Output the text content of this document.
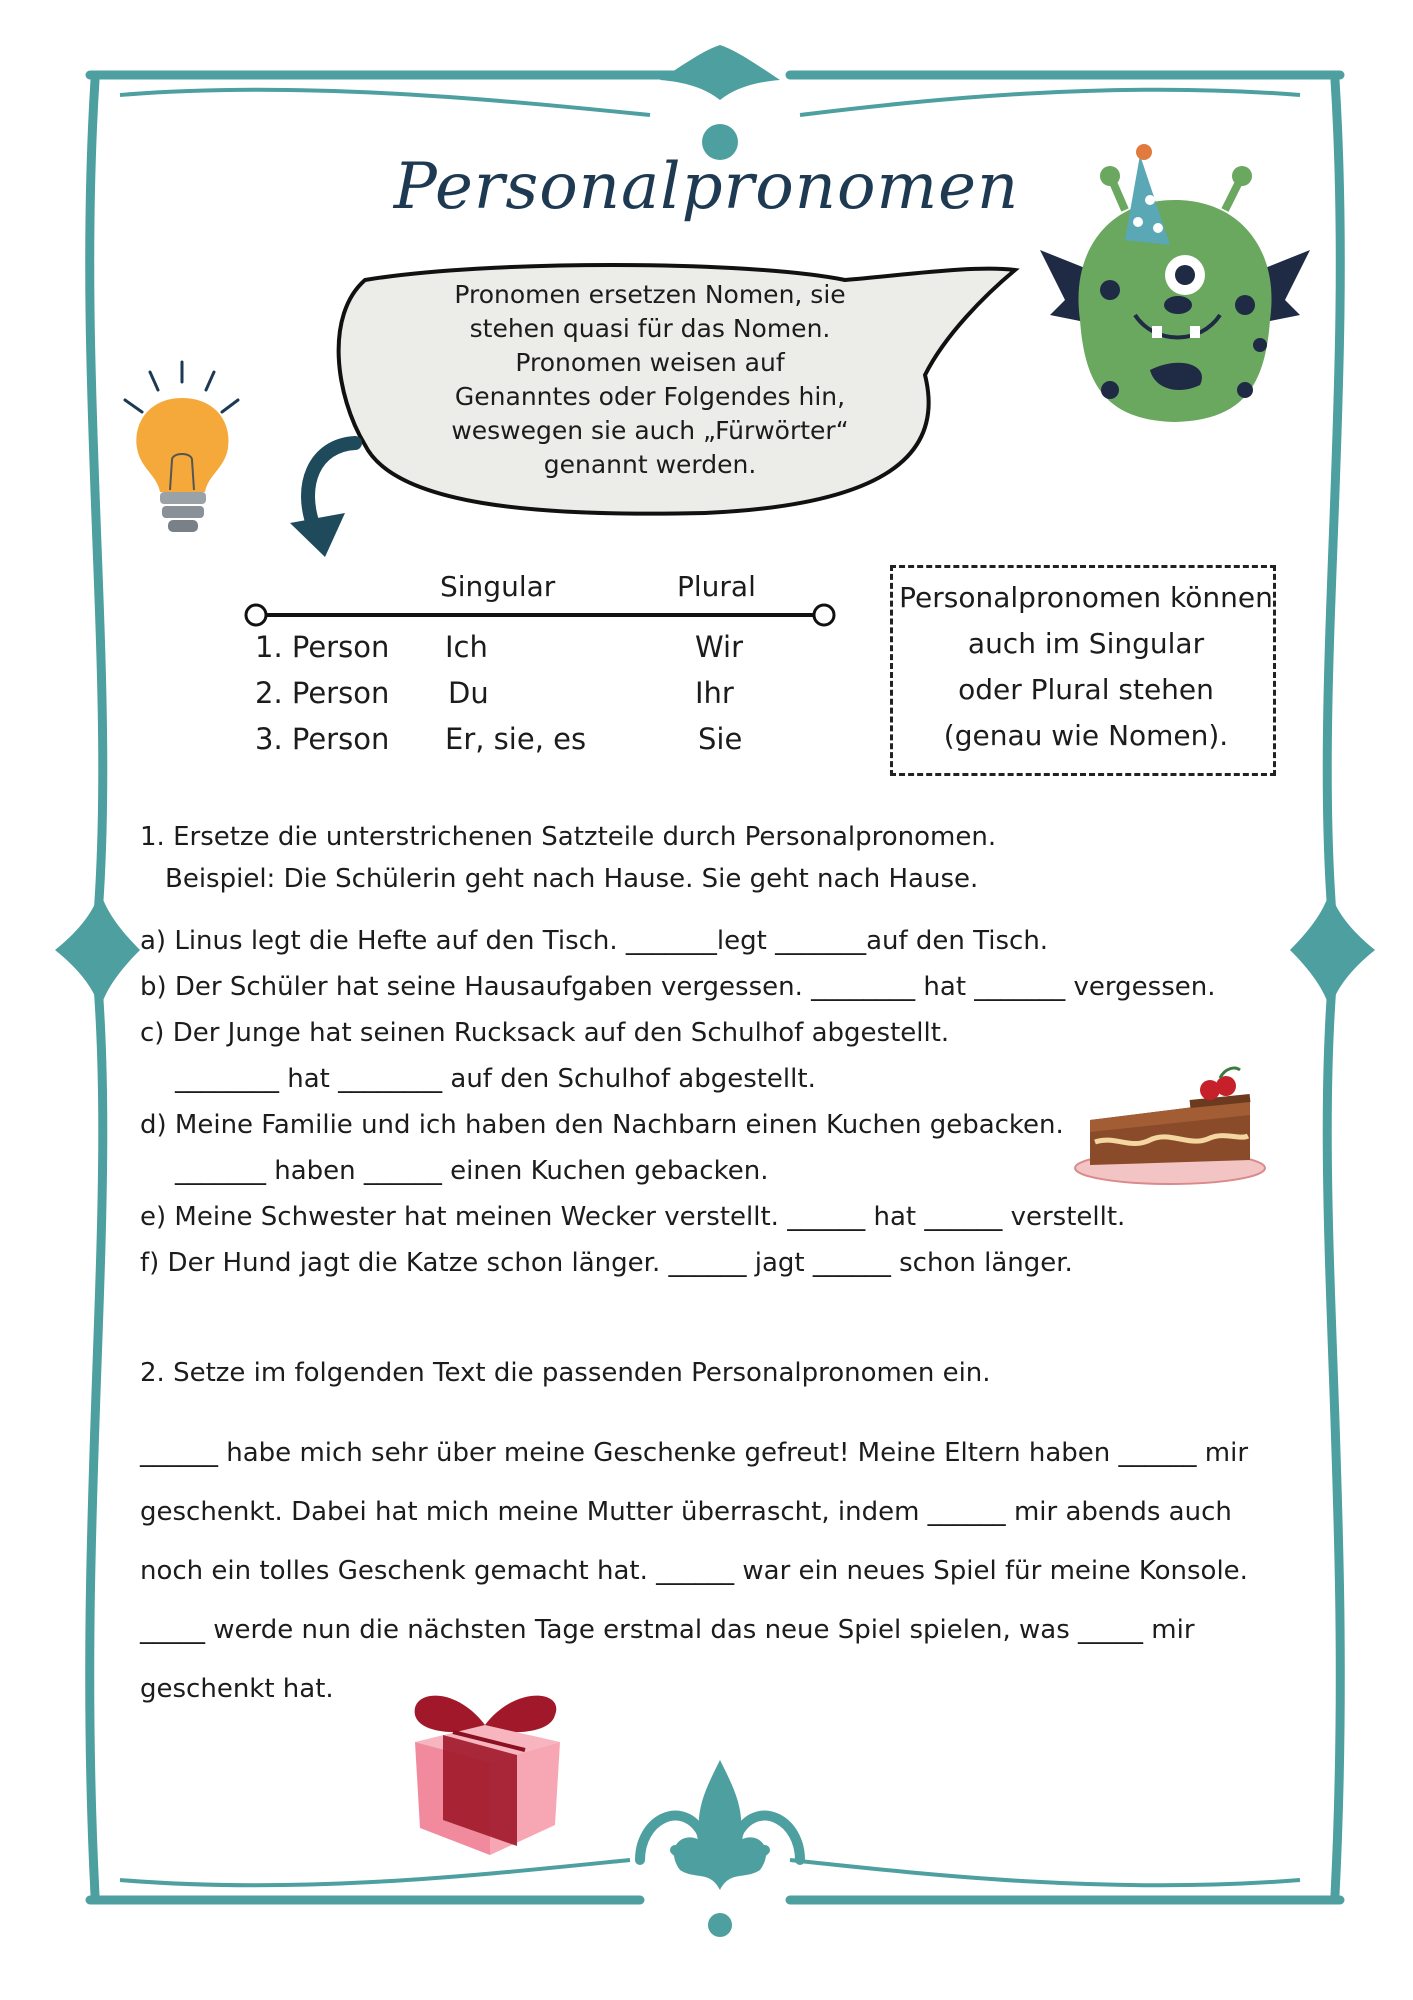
Personalpronomen
Pronomen ersetzen Nomen, sie
stehen quasi für das Nomen.
Pronomen weisen auf
Genanntes oder Folgendes hin,
weswegen sie auch „Fürwörter“
genannt werden.
Singular	Plural
1. Person Ich	Wir
2. Person Du	Ihr
3. Person Er, sie, es	Sie
Personalpronomen können
auch im Singular
oder Plural stehen
(genau wie Nomen).
1. Ersetze die unterstrichenen Satzteile durch Personalpronomen.
Beispiel: Die Schülerin geht nach Hause. Sie geht nach Hause.
a) Linus legt die Hefte auf den Tisch. _______legt _______auf den Tisch.
b) Der Schüler hat seine Hausaufgaben vergessen. ________ hat _______ vergessen.
c) Der Junge hat seinen Rucksack auf den Schulhof abgestellt.
________ hat ________ auf den Schulhof abgestellt.
d) Meine Familie und ich haben den Nachbarn einen Kuchen gebacken.
_______ haben ______ einen Kuchen gebacken.
e) Meine Schwester hat meinen Wecker verstellt. ______ hat ______ verstellt.
f) Der Hund jagt die Katze schon länger. ______ jagt ______ schon länger.
2. Setze im folgenden Text die passenden Personalpronomen ein.
______ habe mich sehr über meine Geschenke gefreut! Meine Eltern haben ______ mir
geschenkt. Dabei hat mich meine Mutter überrascht, indem ______ mir abends auch
noch ein tolles Geschenk gemacht hat. ______ war ein neues Spiel für meine Konsole.
_____ werde nun die nächsten Tage erstmal das neue Spiel spielen, was _____ mir
geschenkt hat.
